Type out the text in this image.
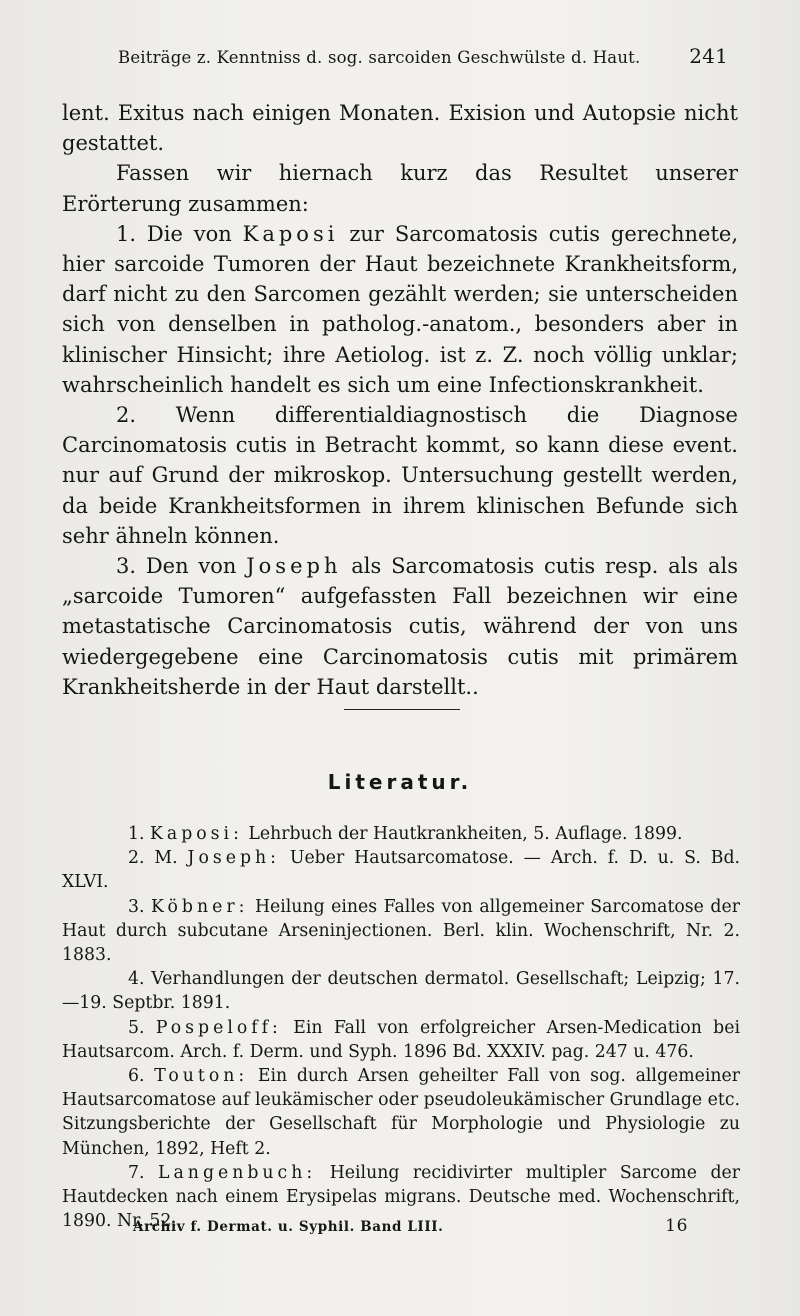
Beiträge z. Kenntniss d. sog. sarcoiden Geschwülste d. Haut. 241

lent. Exitus nach einigen Monaten. Exision und Autopsie nicht gestattet.

Fassen wir hiernach kurz das Resultet unserer Erörterung zusammen:

1. Die von Kaposi zur Sarcomatosis cutis gerechnete, hier sarcoide Tumoren der Haut bezeichnete Krankheitsform, darf nicht zu den Sarcomen gezählt werden; sie unterscheiden sich von denselben in patholog.-anatom., besonders aber in klinischer Hinsicht; ihre Aetiolog. ist z. Z. noch völlig unklar; wahrscheinlich handelt es sich um eine Infectionskrankheit.

2. Wenn differentialdiagnostisch die Diagnose Carcinomatosis cutis in Betracht kommt, so kann diese event. nur auf Grund der mikroskop. Untersuchung gestellt werden, da beide Krankheitsformen in ihrem klinischen Befunde sich sehr ähneln können.

3. Den von Joseph als Sarcomatosis cutis resp. als als „sarcoide Tumoren“ aufgefassten Fall bezeichnen wir eine metastatische Carcinomatosis cutis, während der von uns wiedergegebene eine Carcinomatosis cutis mit primärem Krankheitsherde in der Haut darstellt..

Literatur.

1. Kaposi: Lehrbuch der Hautkrankheiten, 5. Auflage. 1899.

2. M. Joseph: Ueber Hautsarcomatose. — Arch. f. D. u. S. Bd. XLVI.

3. Köbner: Heilung eines Falles von allgemeiner Sarcomatose der Haut durch subcutane Arseninjectionen. Berl. klin. Wochenschrift, Nr. 2. 1883.

4. Verhandlungen der deutschen dermatol. Gesellschaft; Leipzig; 17.—19. Septbr. 1891.

5. Pospeloff: Ein Fall von erfolgreicher Arsen-Medication bei Hautsarcom. Arch. f. Derm. und Syph. 1896 Bd. XXXIV. pag. 247 u. 476.

6. Touton: Ein durch Arsen geheilter Fall von sog. allgemeiner Hautsarcomatose auf leukämischer oder pseudoleukämischer Grundlage etc. Sitzungsberichte der Gesellschaft für Morphologie und Physiologie zu München, 1892, Heft 2.

7. Langenbuch: Heilung recidivirter multipler Sarcome der Hautdecken nach einem Erysipelas migrans. Deutsche med. Wochenschrift, 1890. Nr. 52.

Archiv f. Dermat. u. Syphil. Band LIII.	16
